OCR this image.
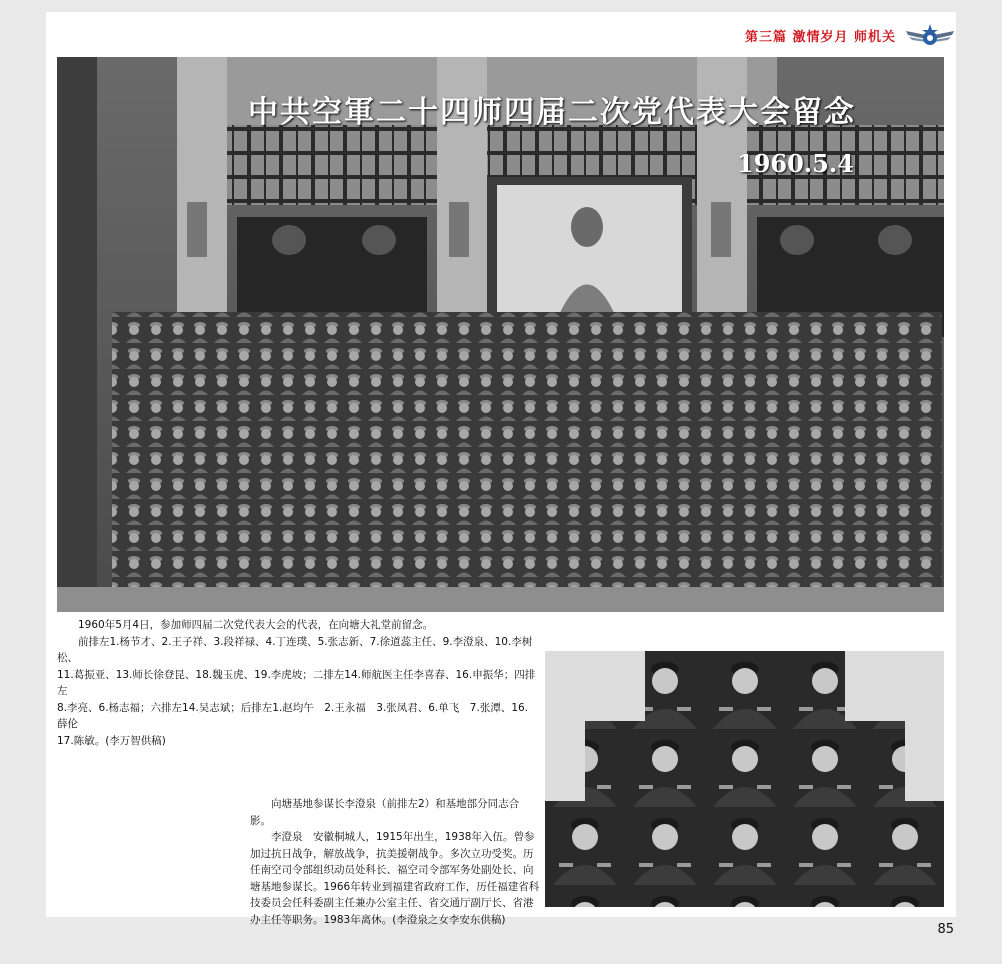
第三篇 激情岁月 师机关
中共空軍二十四师四届二次党代表大会留念
1960.5.4

1960年5月4日，参加师四届二次党代表大会的代表，在向塘大礼堂前留念。

前排左1.杨节才、2.王子祥、3.段祥禄、4.丁连璞、5.张志新、7.徐道蕊主任、9.李澄泉、10.李树松、

11.葛振亚、13.师长徐登昆、18.魏玉虎、19.李虎坡；二排左14.师航医主任李喜春、16.申振华；四排左

8.李亮、6.杨志福；六排左14.吴志斌；后排左1.赵均午　2.王永福　3.张凤君、6.单飞　7.张潭、16.薛伦

17.陈敏。(李万智供稿)

向塘基地参谋长李澄泉（前排左2）和基地部分同志合影。

李澄泉　安徽桐城人，1915年出生，1938年入伍。曾参加过抗日战争，解放战争，抗美援朝战争。多次立功受奖。历任南空司令部组织动员处科长、福空司令部军务处副处长、向塘基地参谋长。1966年转业到福建省政府工作，历任福建省科技委员会任科委副主任兼办公室主任、省交通厅副厅长、省港办主任等职务。1983年离休。(李澄泉之女李安东供稿)

85
